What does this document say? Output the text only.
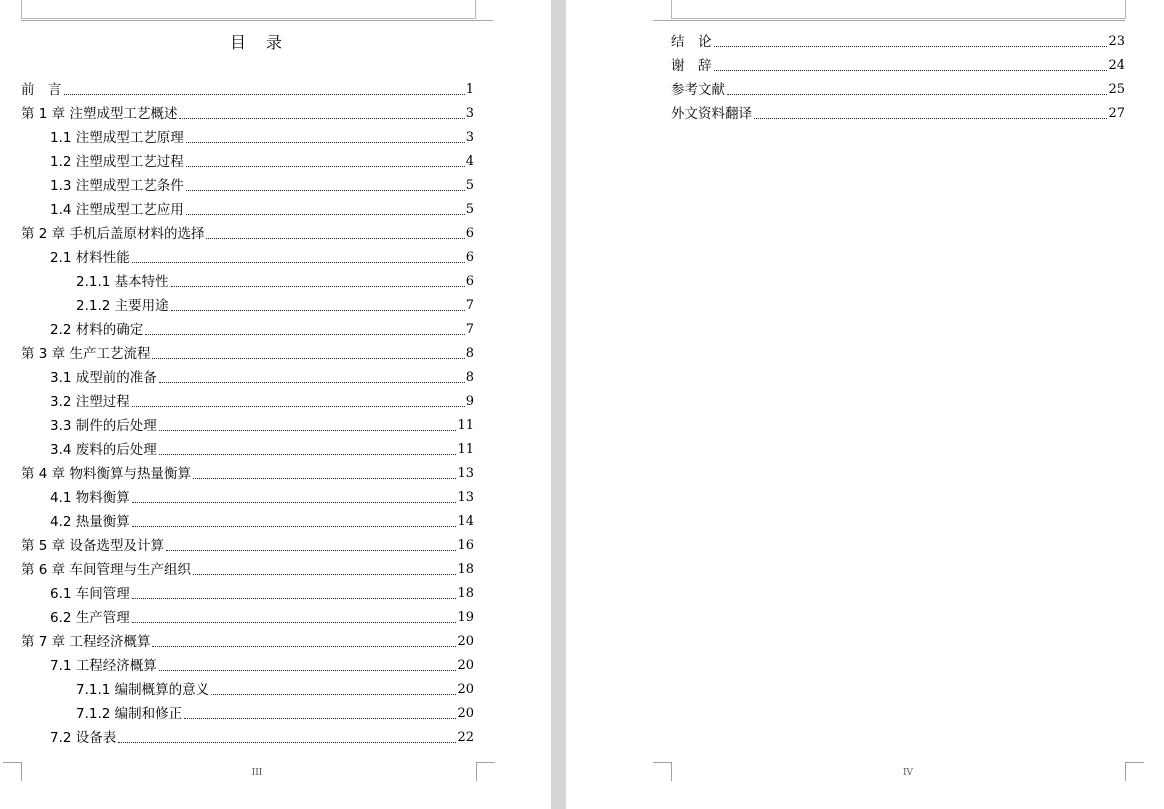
目 录
前　言	1
第 1 章 注塑成型工艺概述	3
1.1 注塑成型工艺原理	3
1.2 注塑成型工艺过程	4
1.3 注塑成型工艺条件	5
1.4 注塑成型工艺应用	5
第 2 章 手机后盖原材料的选择	6
2.1 材料性能	6
2.1.1 基本特性	6
2.1.2 主要用途	7
2.2 材料的确定	7
第 3 章 生产工艺流程	8
3.1 成型前的准备	8
3.2 注塑过程	9
3.3 制件的后处理	11
3.4 废料的后处理	11
第 4 章 物料衡算与热量衡算	13
4.1 物料衡算	13
4.2 热量衡算	14
第 5 章 设备选型及计算	16
第 6 章 车间管理与生产组织	18
6.1 车间管理	18
6.2 生产管理	19
第 7 章 工程经济概算	20
7.1 工程经济概算	20
7.1.1 编制概算的意义	20
7.1.2 编制和修正	20
7.2 设备表	22
III
结　论	23
谢　辞	24
参考文献	25
外文资料翻译	27
IV
